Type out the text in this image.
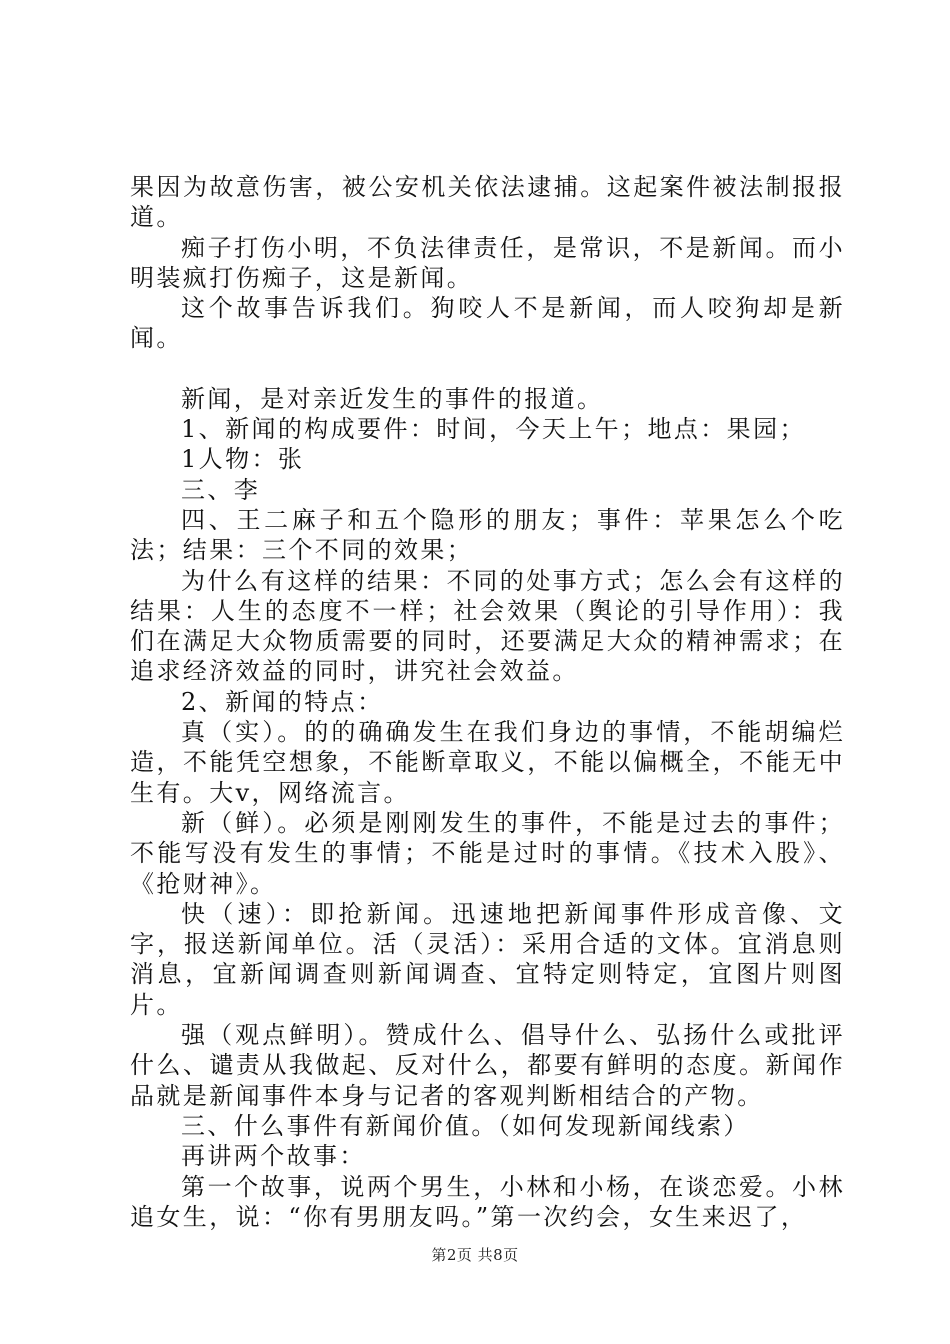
果因为故意伤害，被公安机关依法逮捕。这起案件被法制报报道。

痴子打伤小明，不负法律责任，是常识，不是新闻。而小明装疯打伤痴子，这是新闻。

这个故事告诉我们。狗咬人不是新闻，而人咬狗却是新闻。

新闻，是对亲近发生的事件的报道。

1、新闻的构成要件：时间，今天上午；地点：果园；

1人物：张

三、李

四、王二麻子和五个隐形的朋友；事件：苹果怎么个吃法；结果：三个不同的效果；

为什么有这样的结果：不同的处事方式；怎么会有这样的结果：人生的态度不一样；社会效果（舆论的引导作用）：我们在满足大众物质需要的同时，还要满足大众的精神需求；在追求经济效益的同时，讲究社会效益。

2、新闻的特点：

真（实）。的的确确发生在我们身边的事情，不能胡编烂造，不能凭空想象，不能断章取义，不能以偏概全，不能无中生有。大v，网络流言。

新（鲜）。必须是刚刚发生的事件，不能是过去的事件；不能写没有发生的事情；不能是过时的事情。《技术入股》、《抢财神》。

快（速）：即抢新闻。迅速地把新闻事件形成音像、文字，报送新闻单位。活（灵活）：采用合适的文体。宜消息则消息，宜新闻调查则新闻调查、宜特定则特定，宜图片则图片。

强（观点鲜明）。赞成什么、倡导什么、弘扬什么或批评什么、谴责从我做起、反对什么，都要有鲜明的态度。新闻作品就是新闻事件本身与记者的客观判断相结合的产物。

三、什么事件有新闻价值。（如何发现新闻线索）

再讲两个故事：

第一个故事，说两个男生，小林和小杨，在谈恋爱。小林追女生，说：“你有男朋友吗。”第一次约会，女生来迟了，

第2页 共8页
